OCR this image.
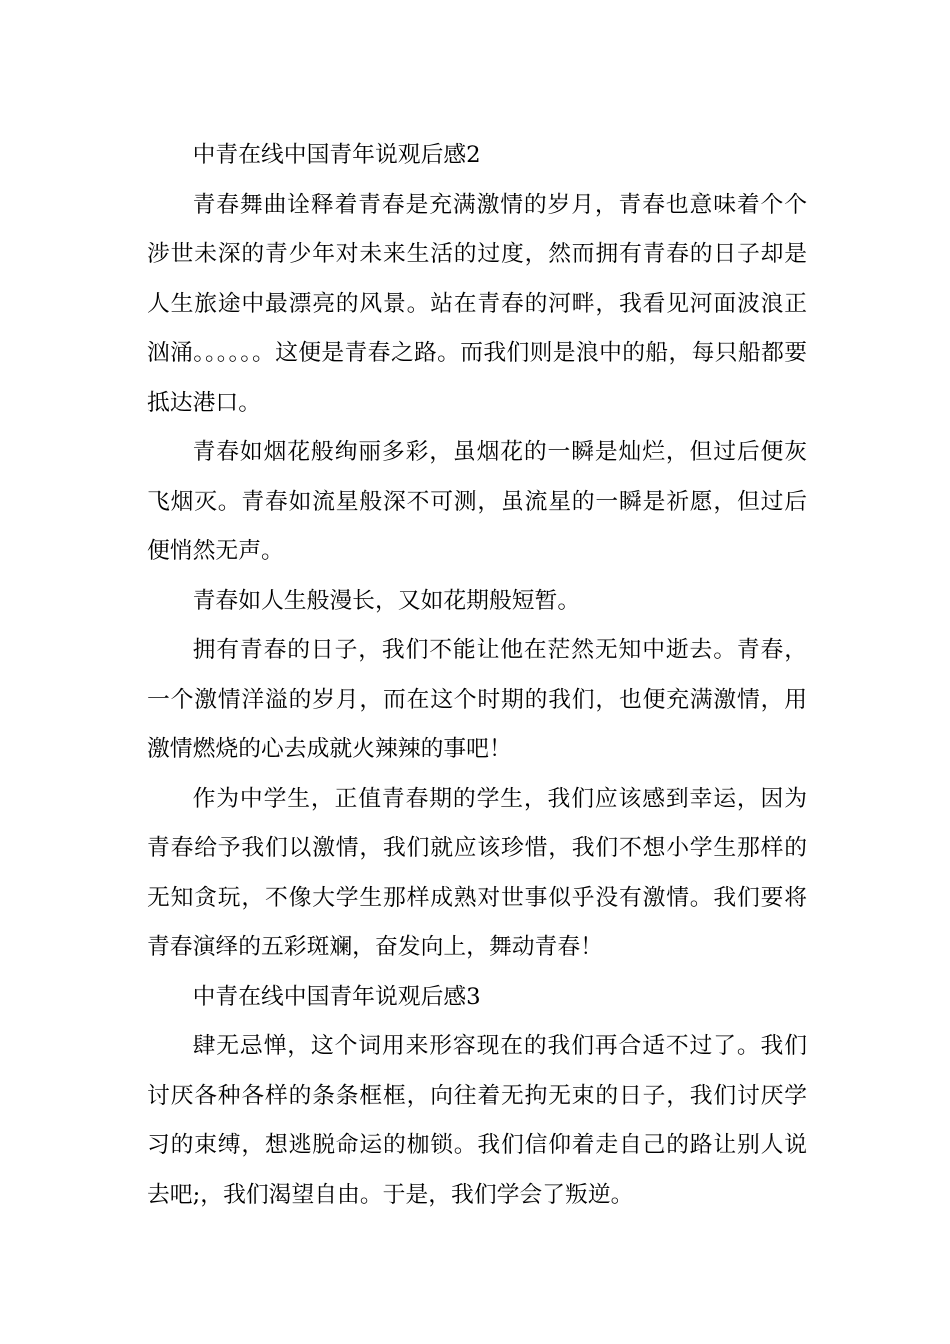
中青在线中国青年说观后感2

青春舞曲诠释着青春是充满激情的岁月，青春也意味着个个涉世未深的青少年对未来生活的过度，然而拥有青春的日子却是人生旅途中最漂亮的风景。站在青春的河畔，我看见河面波浪正汹涌。。。。。。这便是青春之路。而我们则是浪中的船，每只船都要抵达港口。

青春如烟花般绚丽多彩，虽烟花的一瞬是灿烂，但过后便灰飞烟灭。青春如流星般深不可测，虽流星的一瞬是祈愿，但过后便悄然无声。

青春如人生般漫长，又如花期般短暂。

拥有青春的日子，我们不能让他在茫然无知中逝去。青春，一个激情洋溢的岁月，而在这个时期的我们，也便充满激情，用激情燃烧的心去成就火辣辣的事吧！

作为中学生，正值青春期的学生，我们应该感到幸运，因为青春给予我们以激情，我们就应该珍惜，我们不想小学生那样的无知贪玩，不像大学生那样成熟对世事似乎没有激情。我们要将青春演绎的五彩斑斓，奋发向上，舞动青春！

中青在线中国青年说观后感3

肆无忌惮，这个词用来形容现在的我们再合适不过了。我们讨厌各种各样的条条框框，向往着无拘无束的日子，我们讨厌学习的束缚，想逃脱命运的枷锁。我们信仰着走自己的路让别人说去吧;，我们渴望自由。于是，我们学会了叛逆。
